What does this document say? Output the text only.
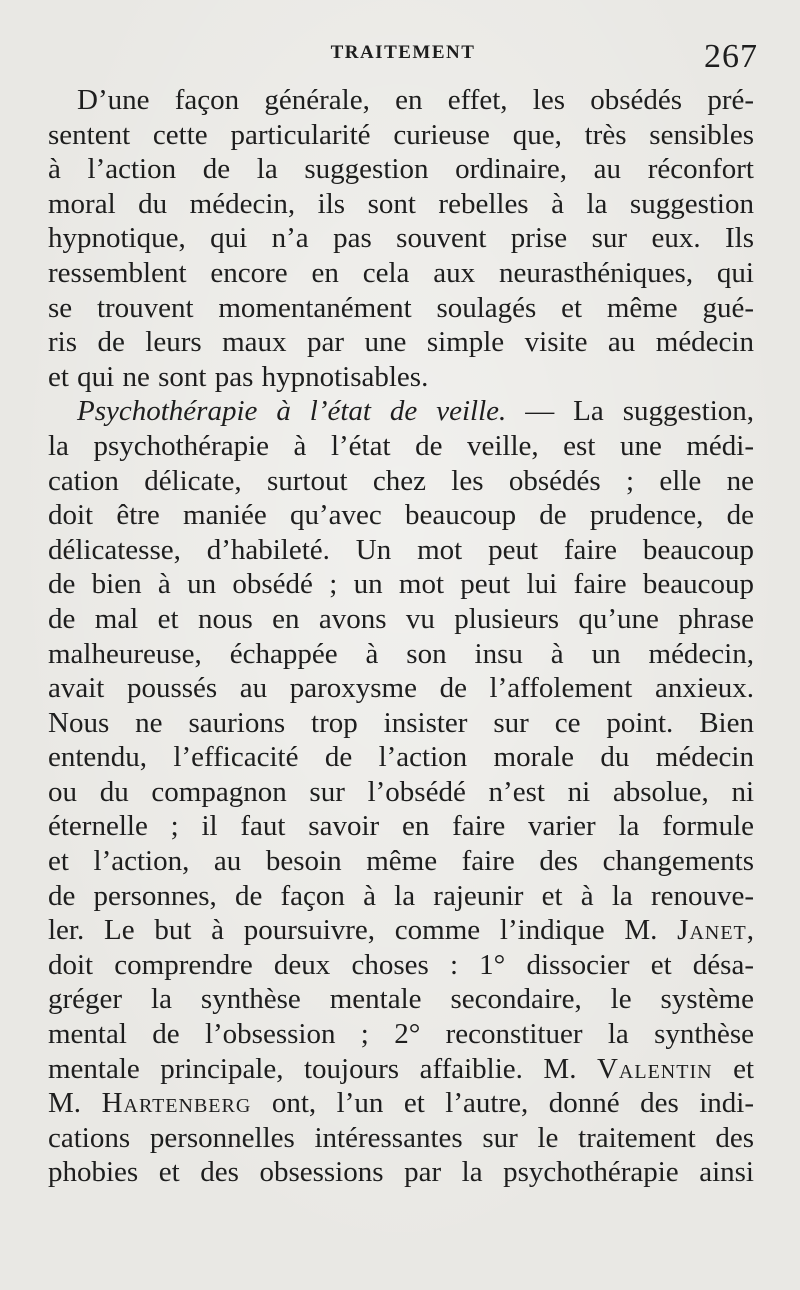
TRAITEMENT	267
D’une façon générale, en effet, les obsédés pré-
sentent cette particularité curieuse que, très sensibles
à l’action de la suggestion ordinaire, au réconfort
moral du médecin, ils sont rebelles à la suggestion
hypnotique, qui n’a pas souvent prise sur eux. Ils
ressemblent encore en cela aux neurasthéniques, qui
se trouvent momentanément soulagés et même gué-
ris de leurs maux par une simple visite au médecin
et qui ne sont pas hypnotisables.
Psychothérapie à l’état de veille. — La suggestion,
la psychothérapie à l’état de veille, est une médi-
cation délicate, surtout chez les obsédés ; elle ne
doit être maniée qu’avec beaucoup de prudence, de
délicatesse, d’habileté. Un mot peut faire beaucoup
de bien à un obsédé ; un mot peut lui faire beaucoup
de mal et nous en avons vu plusieurs qu’une phrase
malheureuse, échappée à son insu à un médecin,
avait poussés au paroxysme de l’affolement anxieux.
Nous ne saurions trop insister sur ce point. Bien
entendu, l’efficacité de l’action morale du médecin
ou du compagnon sur l’obsédé n’est ni absolue, ni
éternelle ; il faut savoir en faire varier la formule
et l’action, au besoin même faire des changements
de personnes, de façon à la rajeunir et à la renouve-
ler. Le but à poursuivre, comme l’indique M. Janet,
doit comprendre deux choses : 1° dissocier et désa-
gréger la synthèse mentale secondaire, le système
mental de l’obsession ; 2° reconstituer la synthèse
mentale principale, toujours affaiblie. M. Valentin et
M. Hartenberg ont, l’un et l’autre, donné des indi-
cations personnelles intéressantes sur le traitement des
phobies et des obsessions par la psychothérapie ainsi
